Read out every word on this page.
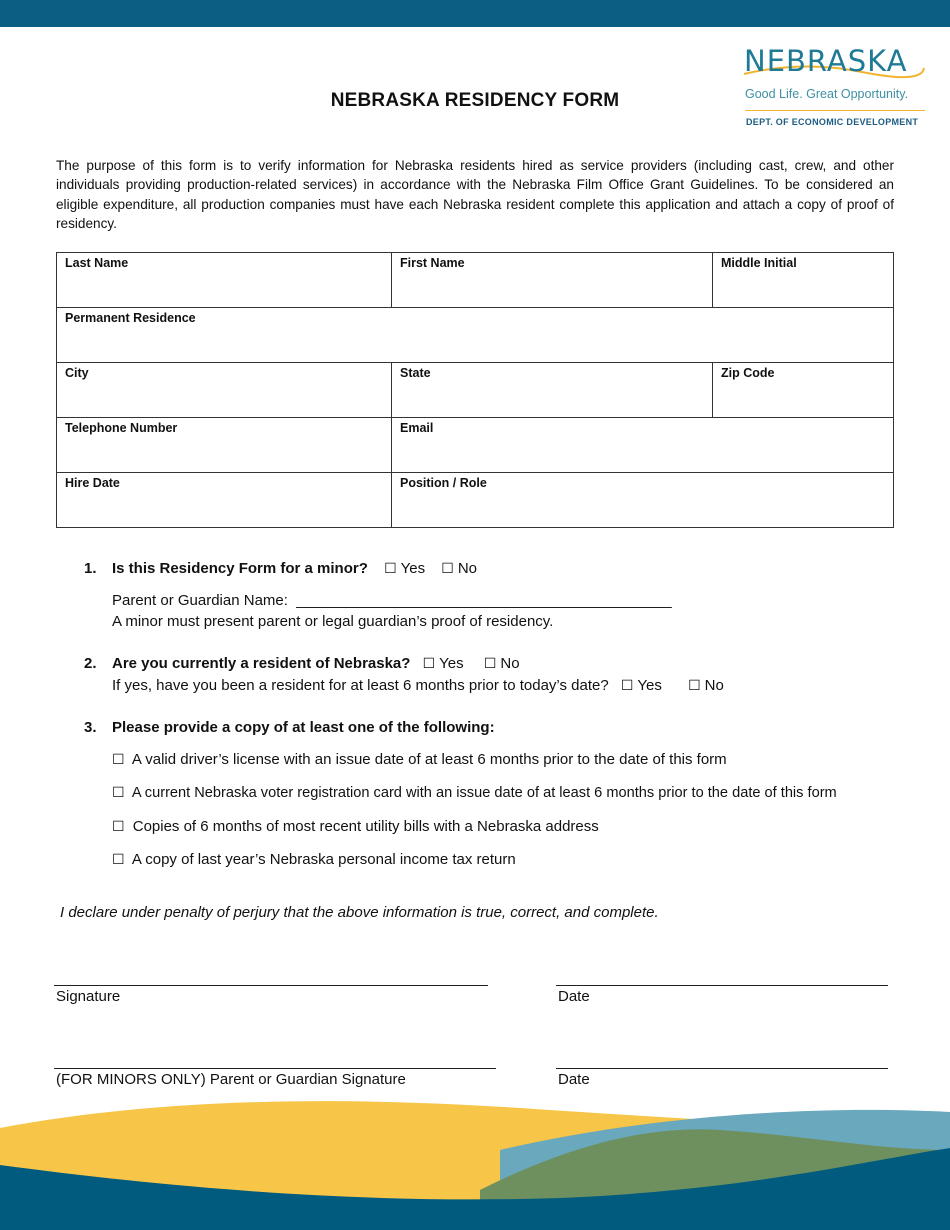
NEBRASKA
Good Life. Great Opportunity.
DEPT. OF ECONOMIC DEVELOPMENT
NEBRASKA RESIDENCY FORM
The purpose of this form is to verify information for Nebraska residents hired as service providers (including cast, crew, and other individuals providing production-related services) in accordance with the Nebraska Film Office Grant Guidelines. To be considered an eligible expenditure, all production companies must have each Nebraska resident complete this application and attach a copy of proof of residency.
Last Name	First Name	Middle Initial
Permanent Residence		
City	State	Zip Code
Telephone Number	Email	
Hire Date	Position / Role	
1. Is this Residency Form for a minor? ☐ Yes ☐ No
Parent or Guardian Name: _____________________________________________
A minor must present parent or legal guardian’s proof of residency.
2. Are you currently a resident of Nebraska? ☐ Yes ☐ No
If yes, have you been a resident for at least 6 months prior to today’s date? ☐ Yes ☐ No
3. Please provide a copy of at least one of the following:
☐ A valid driver’s license with an issue date of at least 6 months prior to the date of this form
☐ A current Nebraska voter registration card with an issue date of at least 6 months prior to the date of this form
☐ Copies of 6 months of most recent utility bills with a Nebraska address
☐ A copy of last year’s Nebraska personal income tax return
I declare under penalty of perjury that the above information is true, correct, and complete.
Signature	Date
(FOR MINORS ONLY) Parent or Guardian Signature	Date
